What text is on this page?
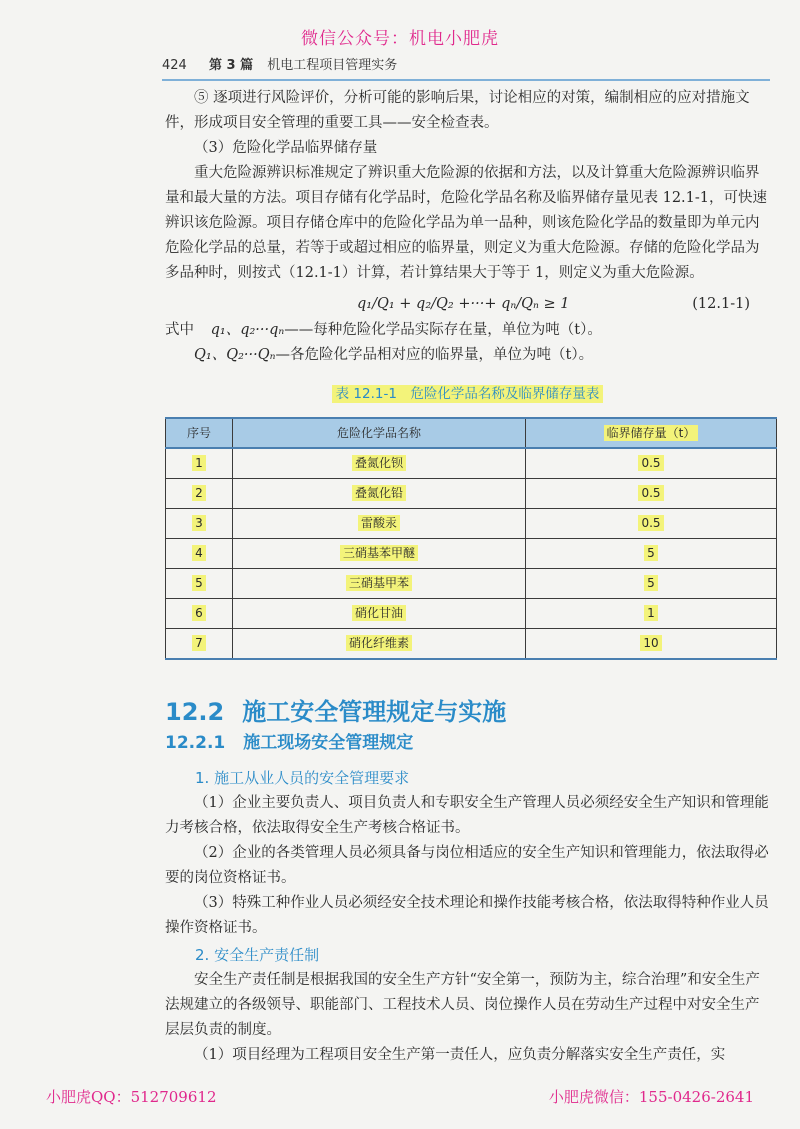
微信公众号：机电小肥虎
424 第 3 篇 机电工程项目管理实务

⑤ 逐项进行风险评价，分析可能的影响后果，讨论相应的对策，编制相应的应对措施文件，形成项目安全管理的重要工具——安全检查表。

（3）危险化学品临界储存量

重大危险源辨识标准规定了辨识重大危险源的依据和方法，以及计算重大危险源辨识临界量和最大量的方法。项目存储有化学品时，危险化学品名称及临界储存量见表 12.1-1，可快速辨识该危险源。项目存储仓库中的危险化学品为单一品种，则该危险化学品的数量即为单元内危险化学品的总量，若等于或超过相应的临界量，则定义为重大危险源。存储的危险化学品为多品种时，则按式（12.1-1）计算，若计算结果大于等于 1，则定义为重大危险源。

q₁/Q₁ + q₂/Q₂ +···+ qₙ/Qₙ ≥ 1	(12.1-1)

式中 q₁、q₂···qₙ——每种危险化学品实际存在量，单位为吨（t）。

Q₁、Q₂···Qₙ—各危险化学品相对应的临界量，单位为吨（t）。

表 12.1-1　危险化学品名称及临界储存量表
序号	危险化学品名称	临界储存量（t）
1	叠氮化钡	0.5
2	叠氮化铅	0.5
3	雷酸汞	0.5
4	三硝基苯甲醚	5
5	三硝基甲苯	5
6	硝化甘油	1
7	硝化纤维素	10
12.2 施工安全管理规定与实施
12.2.1 施工现场安全管理规定
1. 施工从业人员的安全管理要求

（1）企业主要负责人、项目负责人和专职安全生产管理人员必须经安全生产知识和管理能力考核合格，依法取得安全生产考核合格证书。

（2）企业的各类管理人员必须具备与岗位相适应的安全生产知识和管理能力，依法取得必要的岗位资格证书。

（3）特殊工种作业人员必须经安全技术理论和操作技能考核合格，依法取得特种作业人员操作资格证书。

2. 安全生产责任制

安全生产责任制是根据我国的安全生产方针“安全第一，预防为主，综合治理”和安全生产法规建立的各级领导、职能部门、工程技术人员、岗位操作人员在劳动生产过程中对安全生产层层负责的制度。

（1）项目经理为工程项目安全生产第一责任人，应负责分解落实安全生产责任，实

小肥虎QQ：512709612	小肥虎微信：155-0426-2641
